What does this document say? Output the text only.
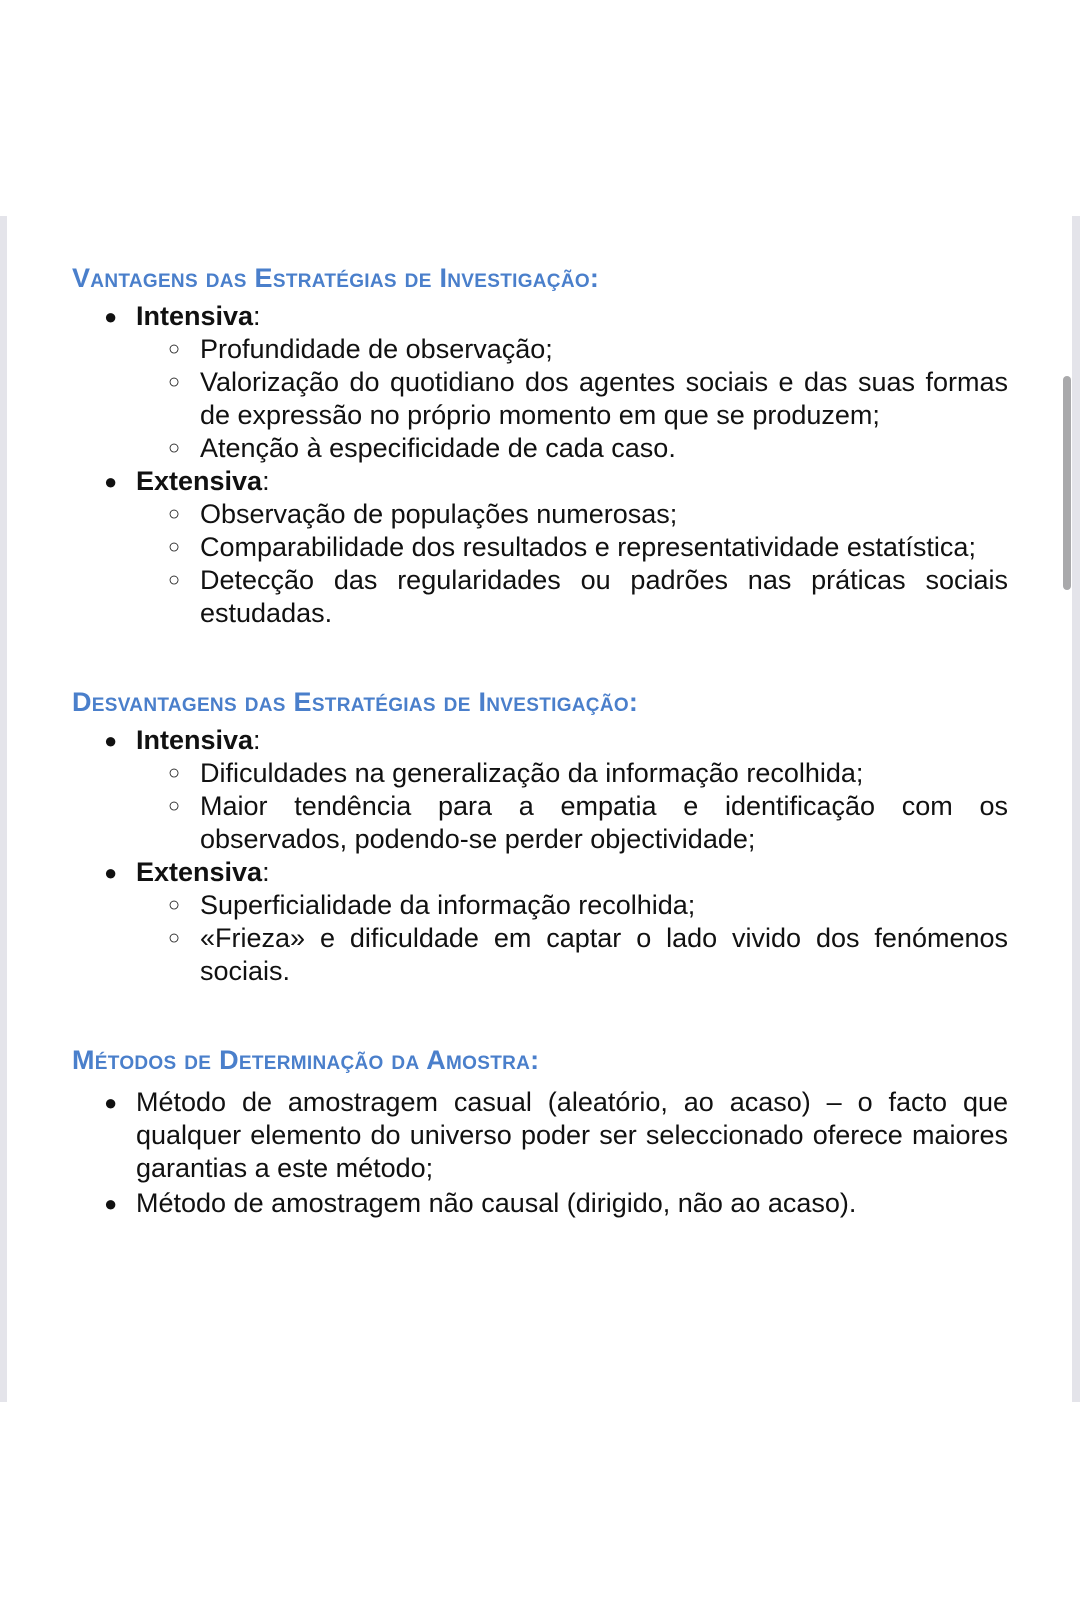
Vantagens das Estratégias de Investigação:
● Intensiva:
○ Profundidade de observação;
○ Valorização do quotidiano dos agentes sociais e das suas formas de expressão no próprio momento em que se produzem;
○ Atenção à especificidade de cada caso.
● Extensiva:
○ Observação de populações numerosas;
○ Comparabilidade dos resultados e representatividade estatística;
○ Detecção das regularidades ou padrões nas práticas sociais estudadas.
Desvantagens das Estratégias de Investigação:
● Intensiva:
○ Dificuldades na generalização da informação recolhida;
○ Maior tendência para a empatia e identificação com os observados, podendo-se perder objectividade;
● Extensiva:
○ Superficialidade da informação recolhida;
○ «Frieza» e dificuldade em captar o lado vivido dos fenómenos sociais.
Métodos de Determinação da Amostra:
● Método de amostragem casual (aleatório, ao acaso) – o facto que qualquer elemento do universo poder ser seleccionado oferece maiores garantias a este método;
● Método de amostragem não causal (dirigido, não ao acaso).
